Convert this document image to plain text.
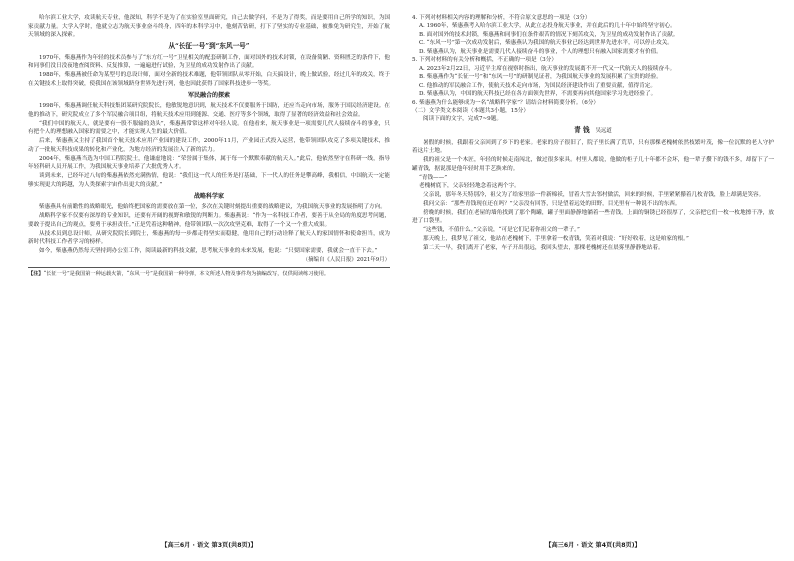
哈尔滨工业大学，攻读航天专业，他深知，科学不是为了在实验室里面研究，自己去做学问，不是为了得奖，而是要用自己所学的知识，为国家贡献力量。大学入学时，他就立志为航天事业奋斗终身，四年的本科学习中，他刻苦钻研，打下了坚实的专业基础，被推免为研究生，开始了航天领域的深入探索。

从“长征一号”到“东风一号”

1970年，柴惠燕作为年轻的技术员参与了“东方红一号”卫星相关的配套研制工作，面对国外的技术封锁，在设备简陋、资料匮乏的条件下，他和同事们没日没夜地查阅资料、反复推算，一遍遍进行试验，为卫星的成功发射作出了贡献。

1988年，柴惠燕被任命为某型号的总设计师，面对全新的技术难题，他带领团队从零开始，白天搞设计，晚上做试验，经过几年的攻关，终于在关键技术上取得突破，使我国在该领域跻身世界先进行列，他也因此获得了国家科技进步一等奖。

军民融合的探索

1998年，柴惠燕调任航天科技集团某研究院院长，他敏锐地意识到，航天技术不仅要服务于国防，还应当走向市场，服务于国民经济建设。在他的推动下，研究院成立了多个军民融合项目组，将航天技术应用到能源、交通、医疗等多个领域，取得了显著的经济效益和社会效益。

“我们中国的航天人，就是要有一股不服输的劲头”，柴惠燕常常这样对年轻人说。在他看来，航天事业是一项需要几代人接续奋斗的事业，只有把个人的理想融入国家的需要之中，才能实现人生的最大价值。

后来，柴惠燕又主持了我国首个航天技术应用产业园的建设工作，2000年11月，产业园正式投入运营，他带领团队攻克了多项关键技术，推动了一批航天科技成果的转化和产业化，为地方经济的发展注入了新的活力。

2004年，柴惠燕当选为中国工程院院士，他谦虚地说：“荣誉属于集体，属于每一个默默奉献的航天人。”此后，他依然坚守在科研一线，指导年轻科研人员开展工作，为我国航天事业培养了大批优秀人才。

谈到未来，已经年过八旬的柴惠燕依然充满热情，他说：“我们这一代人的任务是打基础，下一代人的任务是攀高峰，我相信，中国航天一定能够实现更大的跨越，为人类探索宇宙作出更大的贡献。”

战略科学家

柴惠燕具有前瞻性的战略眼光，他始终把国家的需要放在第一位，多次在关键时刻提出重要的战略建议，为我国航天事业的发展指明了方向。

战略科学家不仅要有深厚的专业知识，还要有开阔的视野和敏锐的判断力。柴惠燕说：“作为一名科技工作者，要善于从全局的角度思考问题，要敢于提出自己的观点，要勇于承担责任。”正是凭着这种精神，他带领团队一次次攻坚克难，取得了一个又一个重大成果。

从技术员到总设计师，从研究院院长到院士，柴惠燕的每一步都走得坚实而稳健，他用自己的行动诠释了航天人的家国情怀和使命担当，成为新时代科技工作者学习的榜样。

如今，柴惠燕仍然每天坚持到办公室工作，阅读最新的科技文献，思考航天事业的未来发展，他说：“只要国家需要，我就会一直干下去。”

（摘编自《人民日报》2021年9月）
【注】“长征一号”是我国第一种运载火箭，“东风一号”是我国第一种导弹，本文所述人物及事件均为摘编改写，仅供阅读练习使用。

4. 下列对材料相关内容的理解和分析，不符合原文意思的一项是（3分）

A. 1960年，柴惠燕考入哈尔滨工业大学，从此立志投身航天事业，并在此后的几十年中始终坚守初心。

B. 面对国外的技术封锁，柴惠燕和同事们在条件艰苦的情况下刻苦攻关，为卫星的成功发射作出了贡献。

C. “东风一号”第一次成功发射后，柴惠燕认为我国的航天事业已经达到世界先进水平，可以停止攻关。

D. 柴惠燕认为，航天事业是需要几代人接续奋斗的事业，个人的理想只有融入国家需要才有价值。

5. 下列对材料的有关分析和概括，不正确的一项是（3分）

A. 2023年2月22日，习近平主席在视察时指出，航天事业的发展离不开一代又一代航天人的接续奋斗。

B. 柴惠燕作为“长征一号”和“东风一号”的研制见证者，为我国航天事业的发展积累了宝贵的经验。

C. 他推动的军民融合工作，使航天技术走向市场，为国民经济建设作出了重要贡献，值得肯定。

D. 柴惠燕认为，中国的航天科技已经在各方面领先世界，不需要再向其他国家学习先进经验了。

6. 柴惠燕为什么能够成为一名“战略科学家”？请结合材料简要分析。（6分）

（二）文学类文本阅读（本题共3小题，15分）

阅读下面的文字，完成7~9题。

青 钱 吴远道

暑假的时候，我跟着父亲回到了乡下的老家。老家的房子很旧了，院子里长满了荒草，只有那棵老槐树依然枝繁叶茂，像一位沉默的老人守护着这片土地。

我的祖父是一个木匠，年轻的时候走南闯北，做过很多家具。村里人都说，他做的柜子几十年都不会坏，他一辈子攒下的钱不多，却留下了一罐青钱，据说那是他年轻时用手艺换来的。

“青钱——”

老槐树底下，父亲轻轻地念着这两个字。

父亲说，那年冬天特别冷，祖父为了给家里添一件新棉袄，冒着大雪去邻村做活，回来的时候，手里紧紧攥着几枚青钱，脸上却满是笑容。

我问父亲：“那些青钱现在还在吗？”父亲没有回答，只是望着远处的田野，目光里有一种说不出的东西。

傍晚的时候，我们在老屋的墙角找到了那个陶罐，罐子里面静静地躺着一些青钱，上面的铜锈已经很厚了，父亲把它们一枚一枚地擦干净，放进了口袋里。

“这些钱，不值什么。”父亲说，“可是它们记着你祖父的一辈子。”

那天晚上，我梦见了祖父，他站在老槐树下，手里拿着一枚青钱，笑着对我说：“好好收着，这是咱家的根。”

第二天一早，我们离开了老家，车子开出很远，我回头望去，那棵老槐树还在晨雾里静静地站着。

【高三6月 · 语文 第3页(共8页)】	【高三6月 · 语文 第4页(共8页)】
